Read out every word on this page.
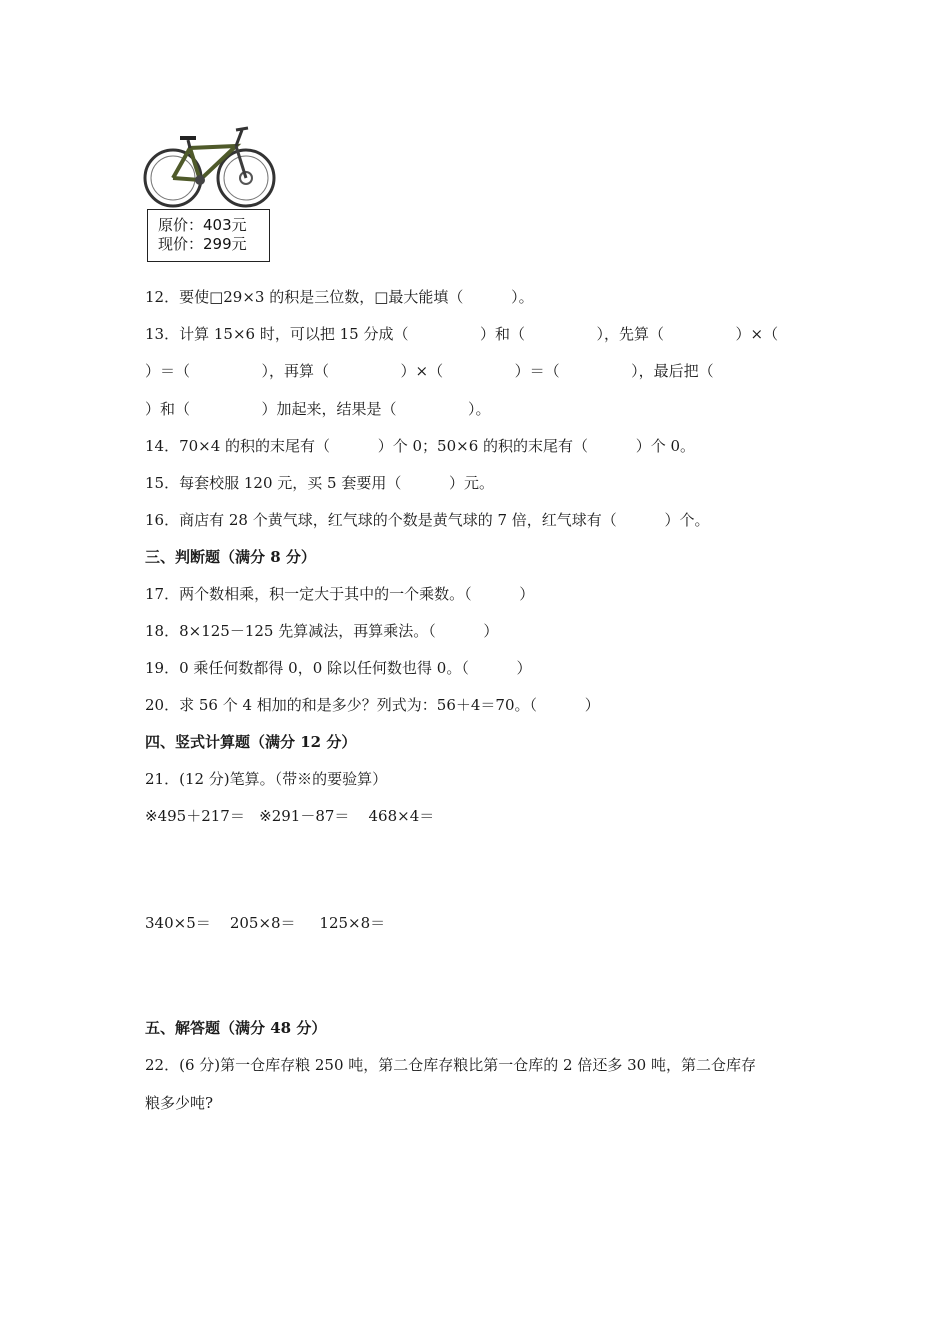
原价：403元
现价：299元
12．要使□29×3 的积是三位数，□最大能填（          ）。
13．计算 15×6 时，可以把 15 分成（               ）和（               ），先算（               ）×（
）＝（               ），再算（               ）×（               ）＝（               ），最后把（
）和（               ）加起来，结果是（               ）。
14．70×4 的积的末尾有（          ）个 0；50×6 的积的末尾有（          ）个 0。
15．每套校服 120 元，买 5 套要用（          ）元。
16．商店有 28 个黄气球，红气球的个数是黄气球的 7 倍，红气球有（          ）个。
三、判断题（满分 8 分）
17．两个数相乘，积一定大于其中的一个乘数。（          ）
18．8×125－125 先算减法，再算乘法。（          ）
19．0 乘任何数都得 0，0 除以任何数也得 0。（          ）
20．求 56 个 4 相加的和是多少？列式为：56＋4＝70。（          ）
四、竖式计算题（满分 12 分）
21．(12 分)笔算。（带※的要验算）
※495＋217＝   ※291－87＝    468×4＝
340×5＝    205×8＝     125×8＝
五、解答题（满分 48 分）
22．(6 分)第一仓库存粮 250 吨，第二仓库存粮比第一仓库的 2 倍还多 30 吨，第二仓库存
粮多少吨?
